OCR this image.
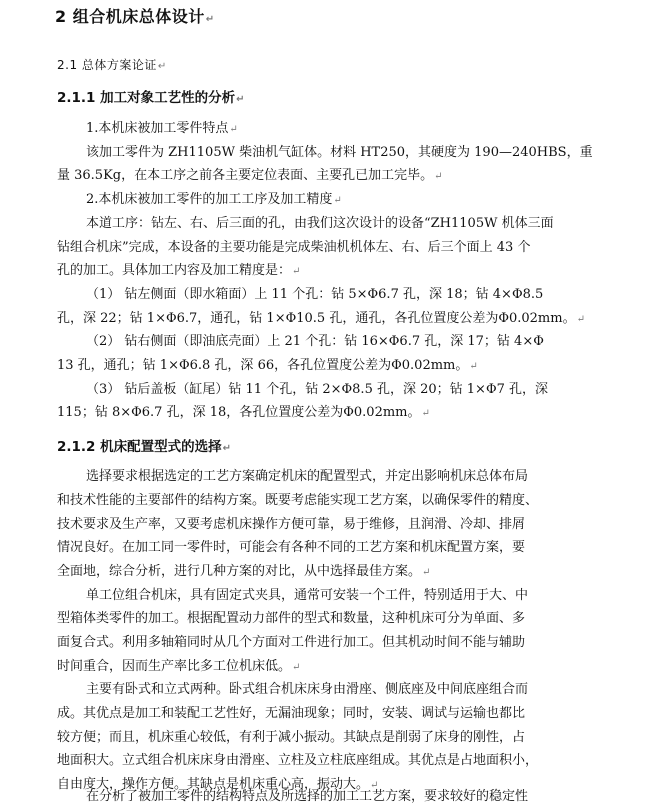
2 组合机床总体设计↵
2.1 总体方案论证↵
2.1.1 加工对象工艺性的分析↵
1.本机床被加工零件特点↵
该加工零件为 ZH1105W 柴油机气缸体。材料 HT250，其硬度为 190—240HBS，重
量 36.5Kg，在本工序之前各主要定位表面、主要孔已加工完毕。↵
2.本机床被加工零件的加工工序及加工精度↵
本道工序：钻左、右、后三面的孔，由我们这次设计的设备“ZH1105W 机体三面
钻组合机床”完成，本设备的主要功能是完成柴油机机体左、右、后三个面上 43 个
孔的加工。具体加工内容及加工精度是：↵
（1） 钻左侧面（即水箱面）上 11 个孔：钻 5×Φ6.7 孔，深 18；钻 4×Φ8.5
孔，深 22；钻 1×Φ6.7，通孔，钻 1×Φ10.5 孔，通孔，各孔位置度公差为Φ0.02mm。↵
（2） 钻右侧面（即油底壳面）上 21 个孔：钻 16×Φ6.7 孔，深 17；钻 4×Φ
13 孔，通孔；钻 1×Φ6.8 孔，深 66，各孔位置度公差为Φ0.02mm。↵
（3） 钻后盖板（缸尾）钻 11 个孔，钻 2×Φ8.5 孔，深 20；钻 1×Φ7 孔，深
115；钻 8×Φ6.7 孔，深 18，各孔位置度公差为Φ0.02mm。↵
2.1.2 机床配置型式的选择↵
选择要求根据选定的工艺方案确定机床的配置型式，并定出影响机床总体布局
和技术性能的主要部件的结构方案。既要考虑能实现工艺方案，以确保零件的精度、
技术要求及生产率，又要考虑机床操作方便可靠，易于维修，且润滑、冷却、排屑
情况良好。在加工同一零件时，可能会有各种不同的工艺方案和机床配置方案，要
全面地，综合分析，进行几种方案的对比，从中选择最佳方案。↵
单工位组合机床，具有固定式夹具，通常可安装一个工件，特别适用于大、中
型箱体类零件的加工。根据配置动力部件的型式和数量，这种机床可分为单面、多
面复合式。利用多轴箱同时从几个方面对工件进行加工。但其机动时间不能与辅助
时间重合，因而生产率比多工位机床低。↵
主要有卧式和立式两种。卧式组合机床床身由滑座、侧底座及中间底座组合而
成。其优点是加工和装配工艺性好，无漏油现象；同时，安装、调试与运输也都比
较方便；而且，机床重心较低，有利于减小振动。其缺点是削弱了床身的刚性，占
地面积大。立式组合机床床身由滑座、立柱及立柱底座组成。其优点是占地面积小，
自由度大，操作方便。其缺点是机床重心高，振动大。↵
在分析了被加工零件的结构特点及所选择的加工工艺方案，要求较好的稳定性
